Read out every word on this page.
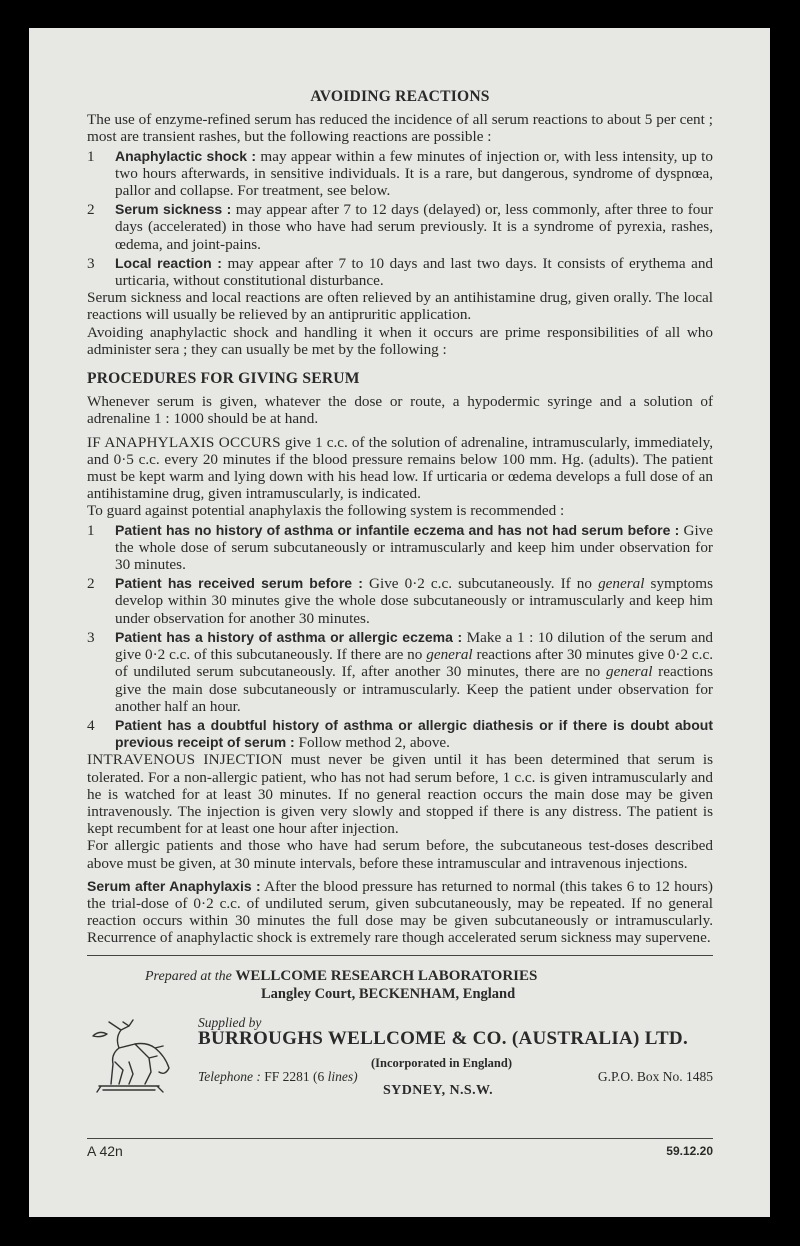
AVOIDING REACTIONS

The use of enzyme-refined serum has reduced the incidence of all serum reactions to about 5 per cent ; most are transient rashes, but the following reactions are possible :

1	Anaphylactic shock : may appear within a few minutes of injection or, with less intensity, up to two hours afterwards, in sensitive individuals. It is a rare, but dangerous, syndrome of dyspnœa, pallor and collapse. For treatment, see below.
2	Serum sickness : may appear after 7 to 12 days (delayed) or, less commonly, after three to four days (accelerated) in those who have had serum previously. It is a syndrome of pyrexia, rashes, œdema, and joint-pains.
3	Local reaction : may appear after 7 to 10 days and last two days. It consists of erythema and urticaria, without constitutional disturbance.

Serum sickness and local reactions are often relieved by an antihistamine drug, given orally. The local reactions will usually be relieved by an antipruritic application.

Avoiding anaphylactic shock and handling it when it occurs are prime responsibilities of all who administer sera ; they can usually be met by the following :

PROCEDURES FOR GIVING SERUM

Whenever serum is given, whatever the dose or route, a hypodermic syringe and a solution of adrenaline 1 : 1000 should be at hand.

IF ANAPHYLAXIS OCCURS give 1 c.c. of the solution of adrenaline, intramuscularly, immediately, and 0·5 c.c. every 20 minutes if the blood pressure remains below 100 mm. Hg. (adults). The patient must be kept warm and lying down with his head low. If urticaria or œdema develops a full dose of an antihistamine drug, given intramuscularly, is indicated.

To guard against potential anaphylaxis the following system is recommended :

1	Patient has no history of asthma or infantile eczema and has not had serum before : Give the whole dose of serum subcutaneously or intramuscularly and keep him under observation for 30 minutes.
2	Patient has received serum before : Give 0·2 c.c. subcutaneously. If no general symptoms develop within 30 minutes give the whole dose subcutaneously or intramuscularly and keep him under observation for another 30 minutes.
3	Patient has a history of asthma or allergic eczema : Make a 1 : 10 dilution of the serum and give 0·2 c.c. of this subcutaneously. If there are no general reactions after 30 minutes give 0·2 c.c. of undiluted serum subcutaneously. If, after another 30 minutes, there are no general reactions give the main dose subcutaneously or intramuscularly. Keep the patient under observation for another half an hour.
4	Patient has a doubtful history of asthma or allergic diathesis or if there is doubt about previous receipt of serum : Follow method 2, above.

INTRAVENOUS INJECTION must never be given until it has been determined that serum is tolerated. For a non-allergic patient, who has not had serum before, 1 c.c. is given intramuscularly and he is watched for at least 30 minutes. If no general reaction occurs the main dose may be given intravenously. The injection is given very slowly and stopped if there is any distress. The patient is kept recumbent for at least one hour after injection.

For allergic patients and those who have had serum before, the subcutaneous test-doses described above must be given, at 30 minute intervals, before these intramuscular and intravenous injections.

Serum after Anaphylaxis : After the blood pressure has returned to normal (this takes 6 to 12 hours) the trial-dose of 0·2 c.c. of undiluted serum, given subcutaneously, may be repeated. If no general reaction occurs within 30 minutes the full dose may be given subcutaneously or intramuscularly. Recurrence of anaphylactic shock is extremely rare though accelerated serum sickness may supervene.

Prepared at the WELLCOME RESEARCH LABORATORIES
Langley Court, BECKENHAM, England
Supplied by
BURROUGHS WELLCOME & CO. (AUSTRALIA) LTD.
(Incorporated in England)
Telephone : FF 2281 (6 lines)	G.P.O. Box No. 1485
SYDNEY, N.S.W.
A 42n	59.12.20
